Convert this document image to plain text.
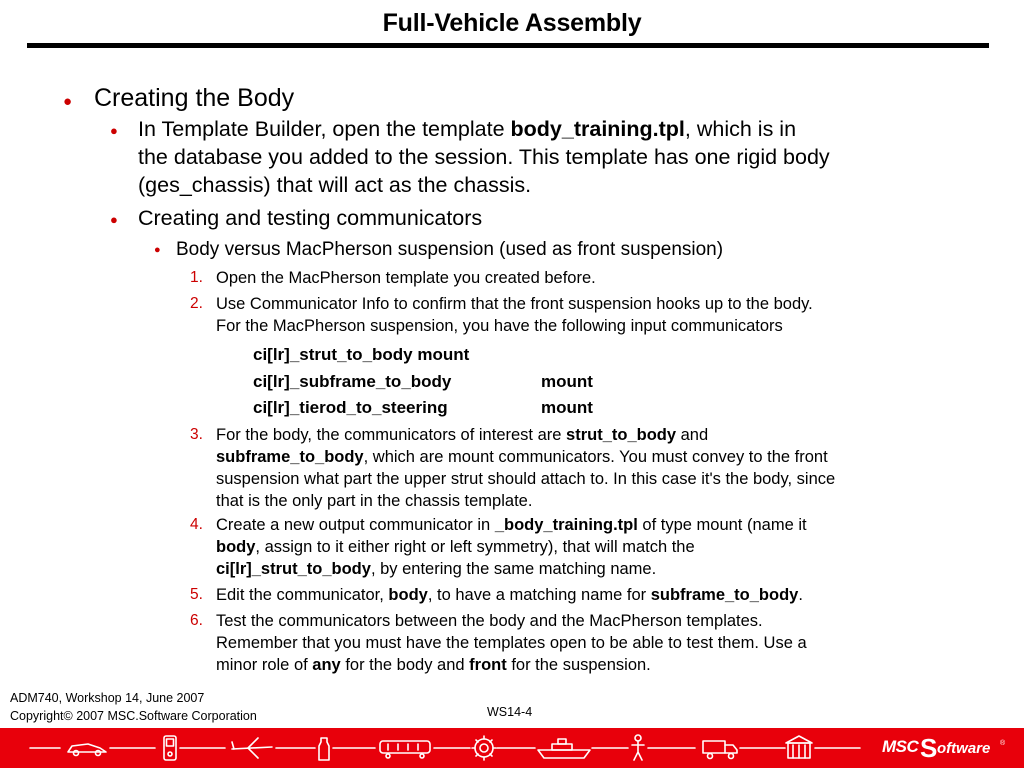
Full-Vehicle Assembly
● Creating the Body
● In Template Builder, open the template body_training.tpl, which is in
the database you added to the session. This template has one rigid body
(ges_chassis) that will act as the chassis.
● Creating and testing communicators
● Body versus MacPherson suspension (used as front suspension)
1. Open the MacPherson template you created before.
2. Use Communicator Info to confirm that the front suspension hooks up to the body.
For the MacPherson suspension, you have the following input communicators
ci[lr]_strut_to_body mount
ci[lr]_subframe_to_body	mount
ci[lr]_tierod_to_steering	mount
3. For the body, the communicators of interest are strut_to_body and
subframe_to_body, which are mount communicators. You must convey to the front
suspension what part the upper strut should attach to. In this case it's the body, since
that is the only part in the chassis template.
4. Create a new output communicator in _body_training.tpl of type mount (name it
body, assign to it either right or left symmetry), that will match the
ci[lr]_strut_to_body, by entering the same matching name.
5. Edit the communicator, body, to have a matching name for subframe_to_body.
6. Test the communicators between the body and the MacPherson templates.
Remember that you must have the templates open to be able to test them. Use a
minor role of any for the body and front for the suspension.
ADM740, Workshop 14, June 2007
Copyright© 2007 MSC.Software Corporation	WS14-4
MSC S oftware ®
